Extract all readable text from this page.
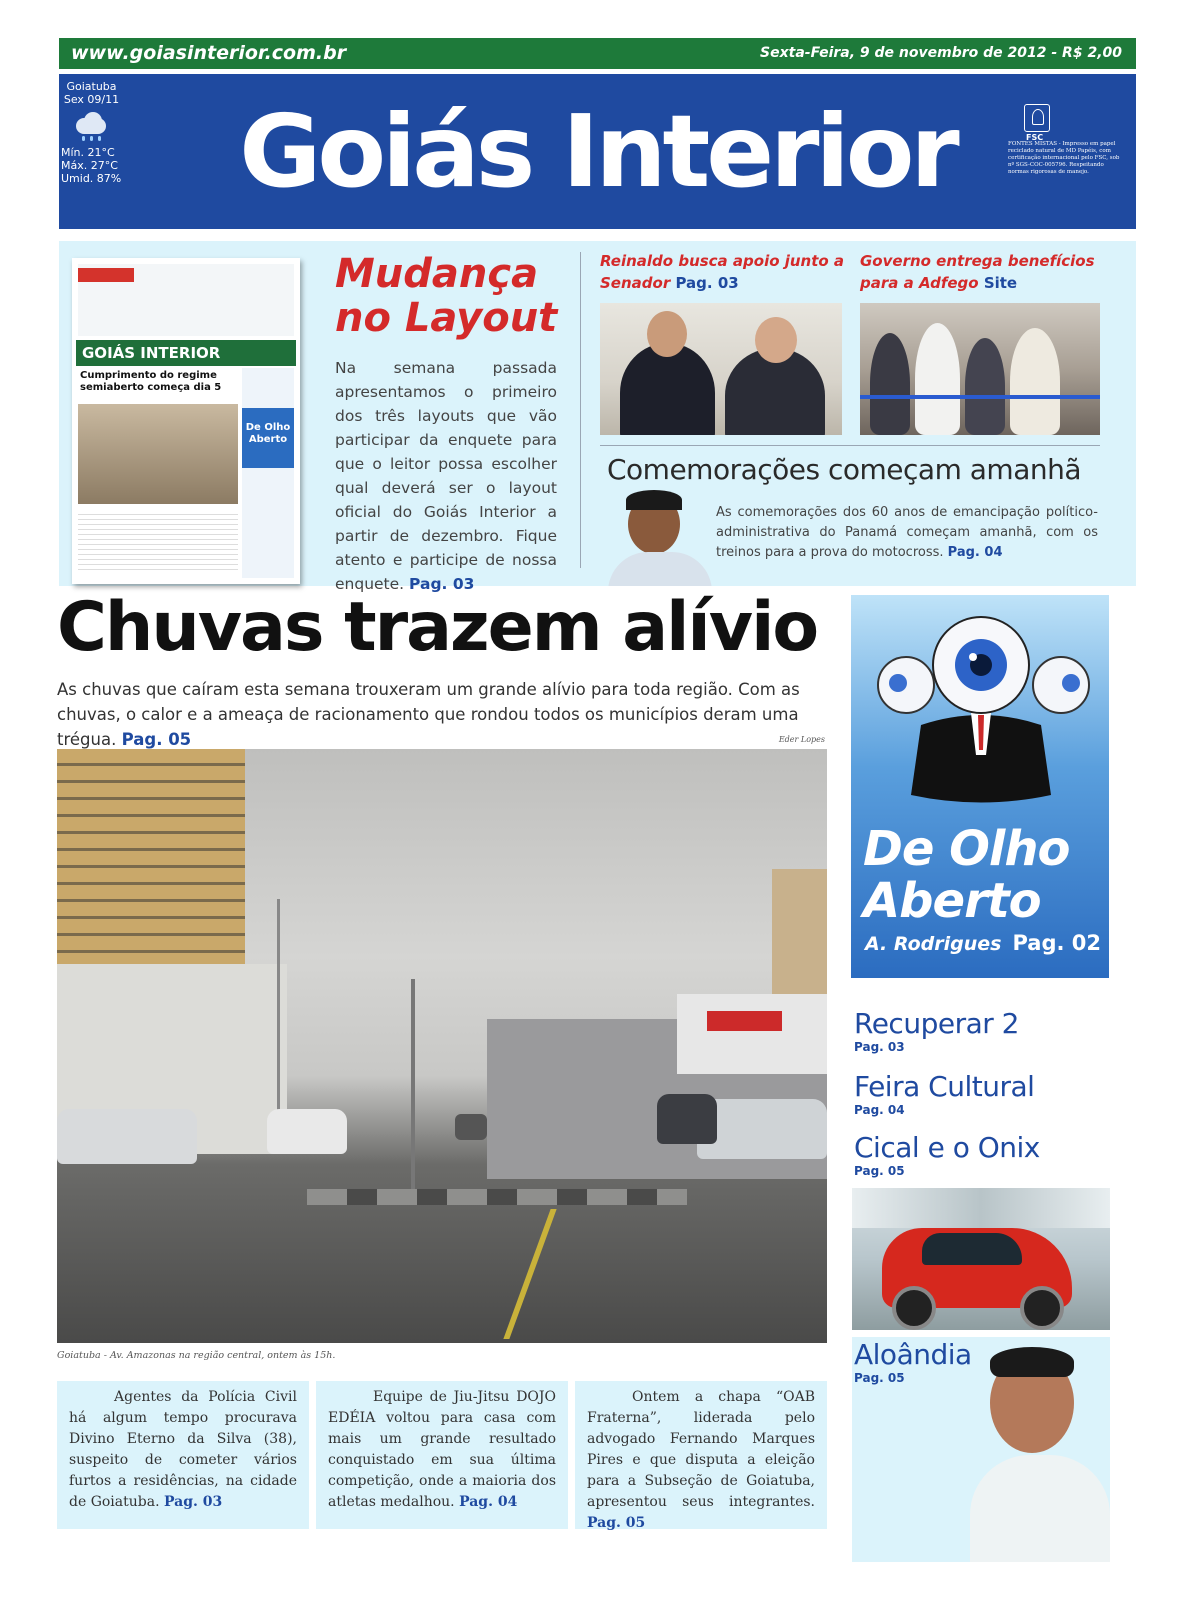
www.goiasinterior.com.br	Sexta-Feira, 9 de novembro de 2012 - R$ 2,00
Goiatuba
Sex 09/11
Mín. 21°C
Máx. 27°C
Umid. 87%	Goiás Interior	FSC
FONTES MISTAS - Impresso em papel reciclado natural de MD Papéis, com certificação internacional pelo FSC, sob nº SGS-COC-005796. Respeitando normas rigorosas de manejo.
GOIÁS INTERIOR
Cumprimento do regime semiaberto começa dia 5
De Olho Aberto
Mudança no Layout
Na semana passada apresentamos o primeiro dos três layouts que vão participar da enquete para que o leitor possa escolher qual deverá ser o layout oficial do Goiás Interior a partir de dezembro. Fique atento e participe de nossa enquete. Pag. 03
Reinaldo busca apoio junto a Senador Pag. 03
Governo entrega benefícios para a Adfego Site
Comemorações começam amanhã
As comemorações dos 60 anos de emancipação político-administrativa do Panamá começam amanhã, com os treinos para a prova do motocross. Pag. 04
Chuvas trazem alívio
As chuvas que caíram esta semana trouxeram um grande alívio para toda região. Com as chuvas, o calor e a ameaça de racionamento que rondou todos os municípios deram uma trégua. Pag. 05	Eder Lopes
Goiatuba - Av. Amazonas na região central, ontem às 15h.
Agentes da Polícia Civil há algum tempo procurava Divino Eterno da Silva (38), suspeito de cometer vários furtos a residências, na cidade de Goiatuba. Pag. 03
Equipe de Jiu-Jitsu DOJO EDÉIA voltou para casa com mais um grande resultado conquistado em sua última competição, onde a maioria dos atletas medalhou. Pag. 04
Ontem a chapa “OAB Fraterna”, liderada pelo advogado Fernando Marques Pires e que disputa a eleição para a Subseção de Goiatuba, apresentou seus integrantes. Pag. 05
De Olho
Aberto
A. Rodrigues Pag. 02
Recuperar 2
Pag. 03
Feira Cultural
Pag. 04
Cical e o Onix
Pag. 05
Aloândia
Pag. 05
